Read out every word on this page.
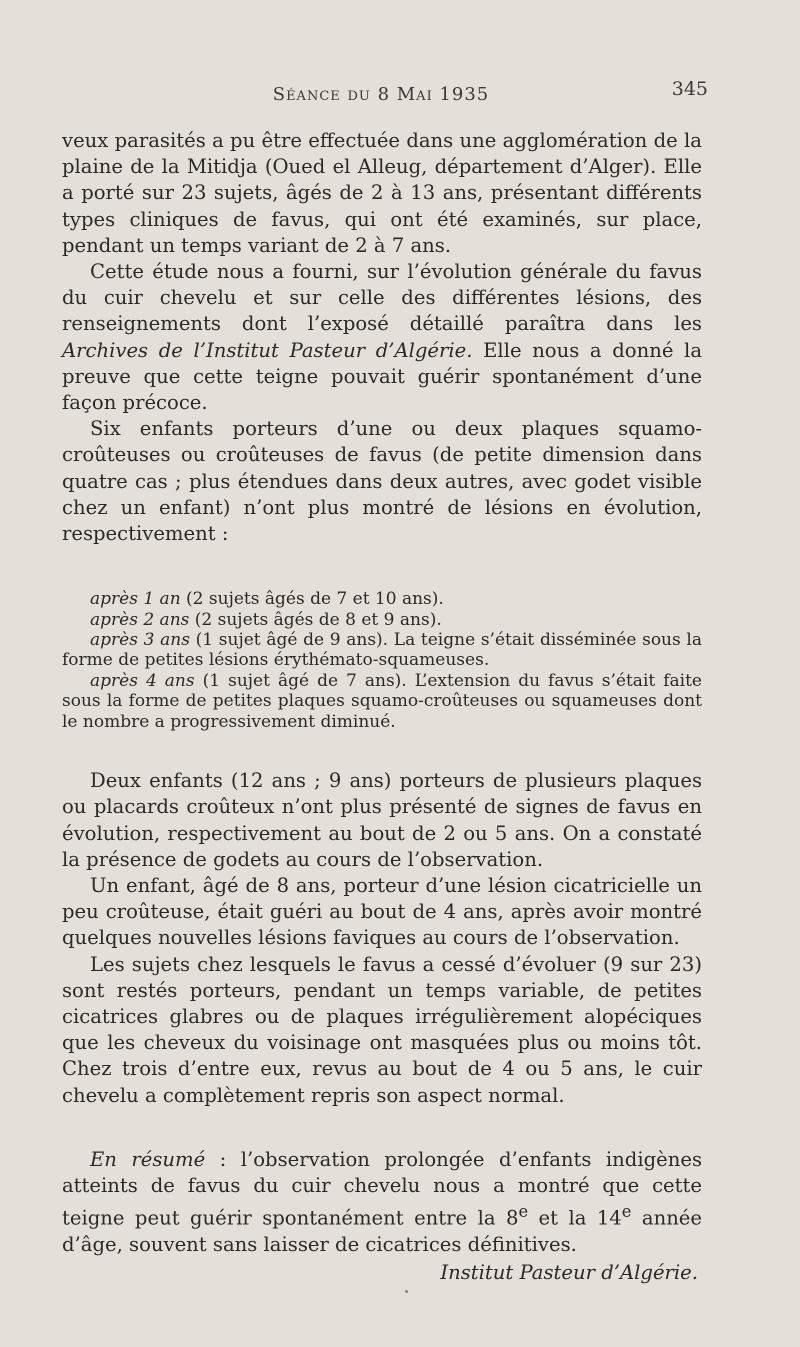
Séance du 8 Mai 1935	345

veux parasités a pu être effectuée dans une agglomération de la plaine de la Mitidja (Oued el Alleug, département d’Alger). Elle a porté sur 23 sujets, âgés de 2 à 13 ans, présentant différents types cliniques de favus, qui ont été examinés, sur place, pendant un temps variant de 2 à 7 ans.

Cette étude nous a fourni, sur l’évolution générale du favus du cuir chevelu et sur celle des différentes lésions, des renseignements dont l’exposé détaillé paraîtra dans les Archives de l’Institut Pasteur d’Algérie. Elle nous a donné la preuve que cette teigne pouvait guérir spontanément d’une façon précoce.

Six enfants porteurs d’une ou deux plaques squamo-croûteuses ou croûteuses de favus (de petite dimension dans quatre cas ; plus étendues dans deux autres, avec godet visible chez un enfant) n’ont plus montré de lésions en évolution, respectivement :

après 1 an (2 sujets âgés de 7 et 10 ans).

après 2 ans (2 sujets âgés de 8 et 9 ans).

après 3 ans (1 sujet âgé de 9 ans). La teigne s’était disséminée sous la forme de petites lésions érythémato-squameuses.

après 4 ans (1 sujet âgé de 7 ans). L’extension du favus s’était faite sous la forme de petites plaques squamo-croûteuses ou squameuses dont le nombre a progressivement diminué.

Deux enfants (12 ans ; 9 ans) porteurs de plusieurs plaques ou placards croûteux n’ont plus présenté de signes de favus en évolution, respectivement au bout de 2 ou 5 ans. On a constaté la présence de godets au cours de l’observation.

Un enfant, âgé de 8 ans, porteur d’une lésion cicatricielle un peu croûteuse, était guéri au bout de 4 ans, après avoir montré quelques nouvelles lésions faviques au cours de l’observation.

Les sujets chez lesquels le favus a cessé d’évoluer (9 sur 23) sont restés porteurs, pendant un temps variable, de petites cicatrices glabres ou de plaques irrégulièrement alopéciques que les cheveux du voisinage ont masquées plus ou moins tôt. Chez trois d’entre eux, revus au bout de 4 ou 5 ans, le cuir chevelu a complètement repris son aspect normal.

En résumé : l’observation prolongée d’enfants indigènes atteints de favus du cuir chevelu nous a montré que cette teigne peut guérir spontanément entre la 8e et la 14e année d’âge, souvent sans laisser de cicatrices définitives.

Institut Pasteur d’Algérie.
